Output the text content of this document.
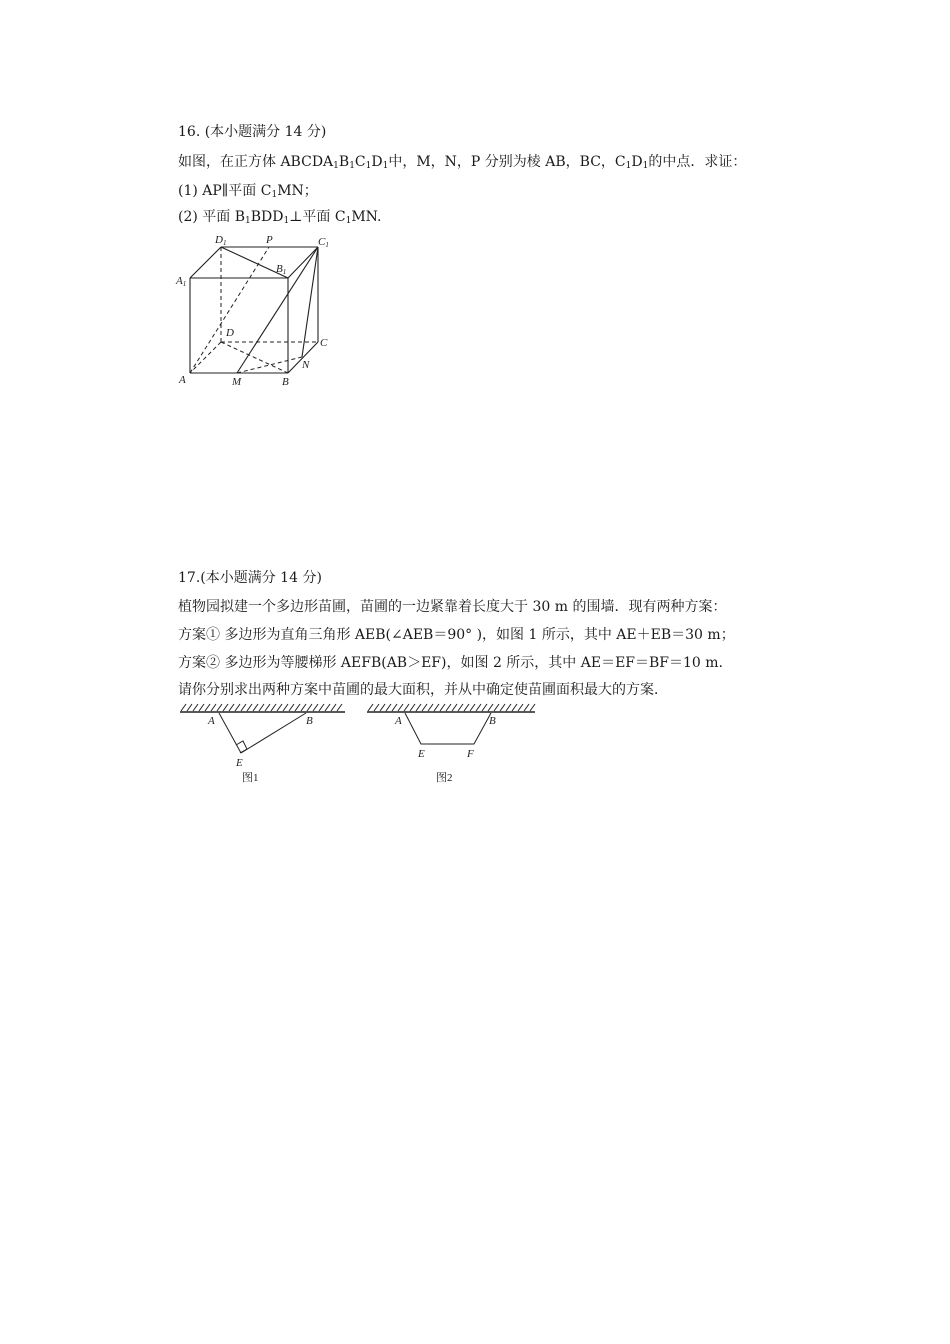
16. (本小题满分 14 分)
如图，在正方体 $ABCDA_1B_1C_1D_1$中，M，N，P 分别为棱 AB，BC，$C_1D_1$的中点．求证：
(1) AP∥平面 $C_1MN$；
(2) 平面 $B_1BDD_1\perp$平面 $C_1MN$.
D1	P	C1
A1
B1
D
C
A	M	B
N
17.(本小题满分 14 分)
植物园拟建一个多边形苗圃，苗圃的一边紧靠着长度大于 30 m 的围墙．现有两种方案：
方案① 多边形为直角三角形 AEB(∠AEB＝90° )，如图 1 所示，其中 AE＋EB＝30 m；
方案② 多边形为等腰梯形 AEFB(AB＞EF)，如图 2 所示，其中 AE＝EF＝BF＝10 m.
请你分别求出两种方案中苗圃的最大面积，并从中确定使苗圃面积最大的方案．
A	B
E
图1
A	B
E	F
图2
